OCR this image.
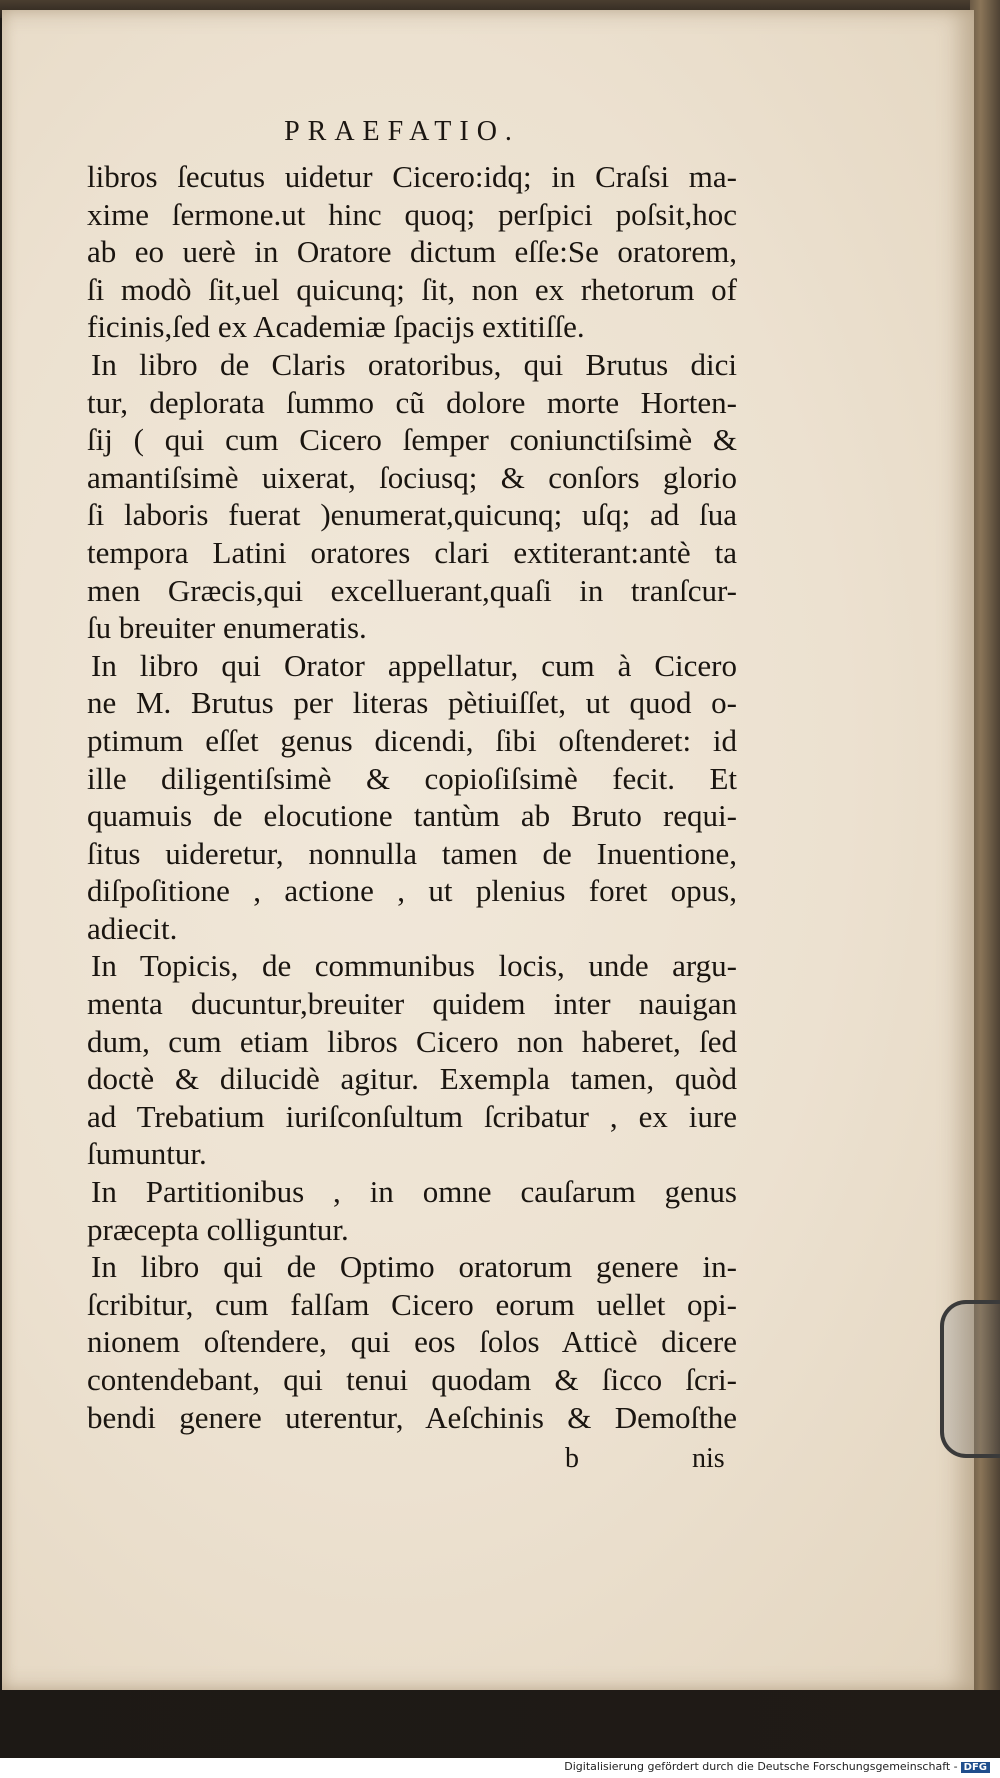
PRAEFATIO.
libros ſecutus uidetur Cicero:idq; in Craſsi ma-
xime ſermone.ut hinc quoq; perſpici poſsit,hoc
ab eo uerè in Oratore dictum eſſe:Se oratorem,
ſi modò ſit,uel quicunq; ſit, non ex rhetorum of
ficinis,ſed ex Academiæ ſpacijs extitiſſe.
In libro de Claris oratoribus, qui Brutus dici
tur, deplorata ſummo cũ dolore morte Horten-
ſij ( qui cum Cicero ſemper coniunctiſsimè &
amantiſsimè uixerat, ſociusq; & conſors glorio
ſi laboris fuerat )enumerat,quicunq; uſq; ad ſua
tempora Latini oratores clari extiterant:antè ta
men Græcis,qui excelluerant,quaſi in tranſcur-
ſu breuiter enumeratis.
In libro qui Orator appellatur, cum à Cicero
ne M. Brutus per literas pètiuiſſet, ut quod o-
ptimum eſſet genus dicendi, ſibi oſtenderet: id
ille diligentiſsimè & copioſiſsimè fecit. Et
quamuis de elocutione tantùm ab Bruto requi-
ſitus uideretur, nonnulla tamen de Inuentione,
diſpoſitione , actione , ut plenius foret opus,
adiecit.
In Topicis, de communibus locis, unde argu-
menta ducuntur,breuiter quidem inter nauigan
dum, cum etiam libros Cicero non haberet, ſed
doctè & dilucidè agitur. Exempla tamen, quòd
ad Trebatium iuriſconſultum ſcribatur , ex iure
ſumuntur.
In Partitionibus , in omne cauſarum genus
præcepta colliguntur.
In libro qui de Optimo oratorum genere in-
ſcribitur, cum falſam Cicero eorum uellet opi-
nionem oſtendere, qui eos ſolos Atticè dicere
contendebant, qui tenui quodam & ſicco ſcri-
bendi genere uterentur, Aeſchinis & Demoſthe
b	nis
Digitalisierung gefördert durch die Deutsche Forschungsgemeinschaft - DFG
